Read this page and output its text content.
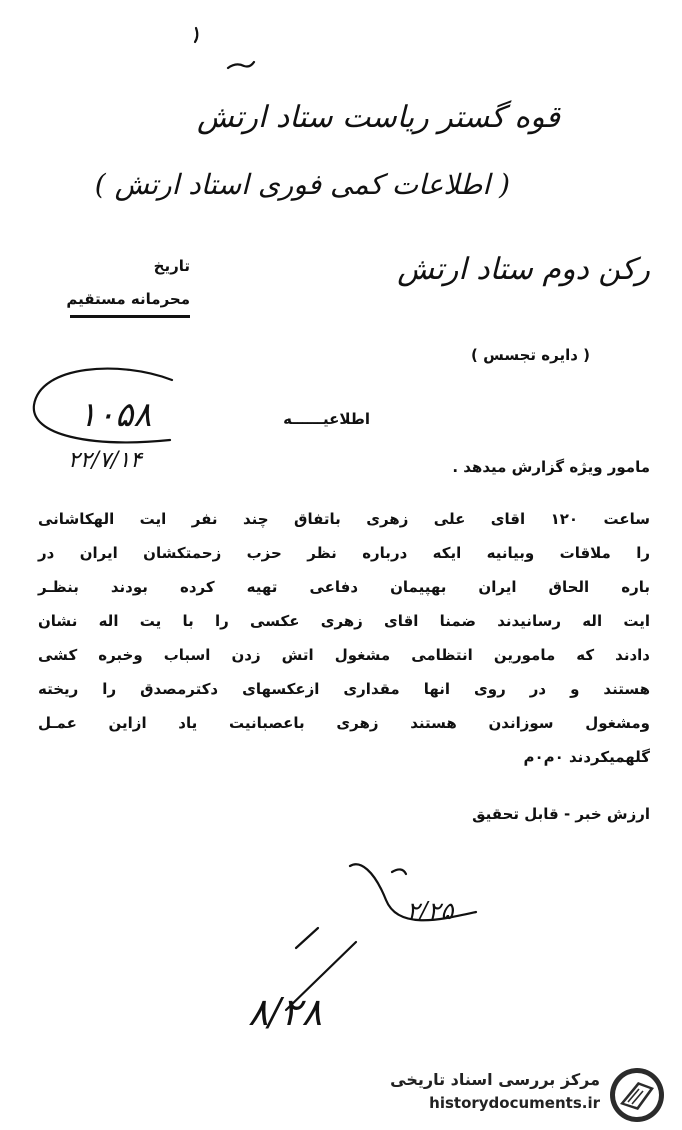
قوه گستر ریاست ستاد ارتش
( اطلاعات کمی فوری استاد ارتش )
رکن دوم ستاد ارتش
تاریخ
محرمانه مستقیم
( دایره تجسس )
۱۰۵۸
۲۲/۷/۱۴
اطلاعیــــــه
مامور ویژه گزارش میدهد .
ساعت ۱۲۰ اقای علی زهری باتفاق چند نفر ایت الهکاشانی
را ملاقات وبیانیه ایکه درباره نظر حزب زحمتکشان ایران در
باره الحاق ایران بهپیمان دفاعی تهیه کرده بودند بنظـر
ایت اله رسانیدند ضمنا اقای زهری عکسی را با یت اله نشان
دادند که مامورین انتظامی مشغول اتش زدن اسباب وخبره کشی
هستند و در روی انها مقداری ازعکسهای دکترمصدق را ریخته
ومشغول سوزاندن هستند زهری باعصبانیت یاد ازاین عمـل
گلهمیکردند ۰م۰م
ارزش خبر - قابل تحقیق
۲/۲۵
۸/۲۸
مرکز بررسی اسناد تاریخی
historydocuments.ir
